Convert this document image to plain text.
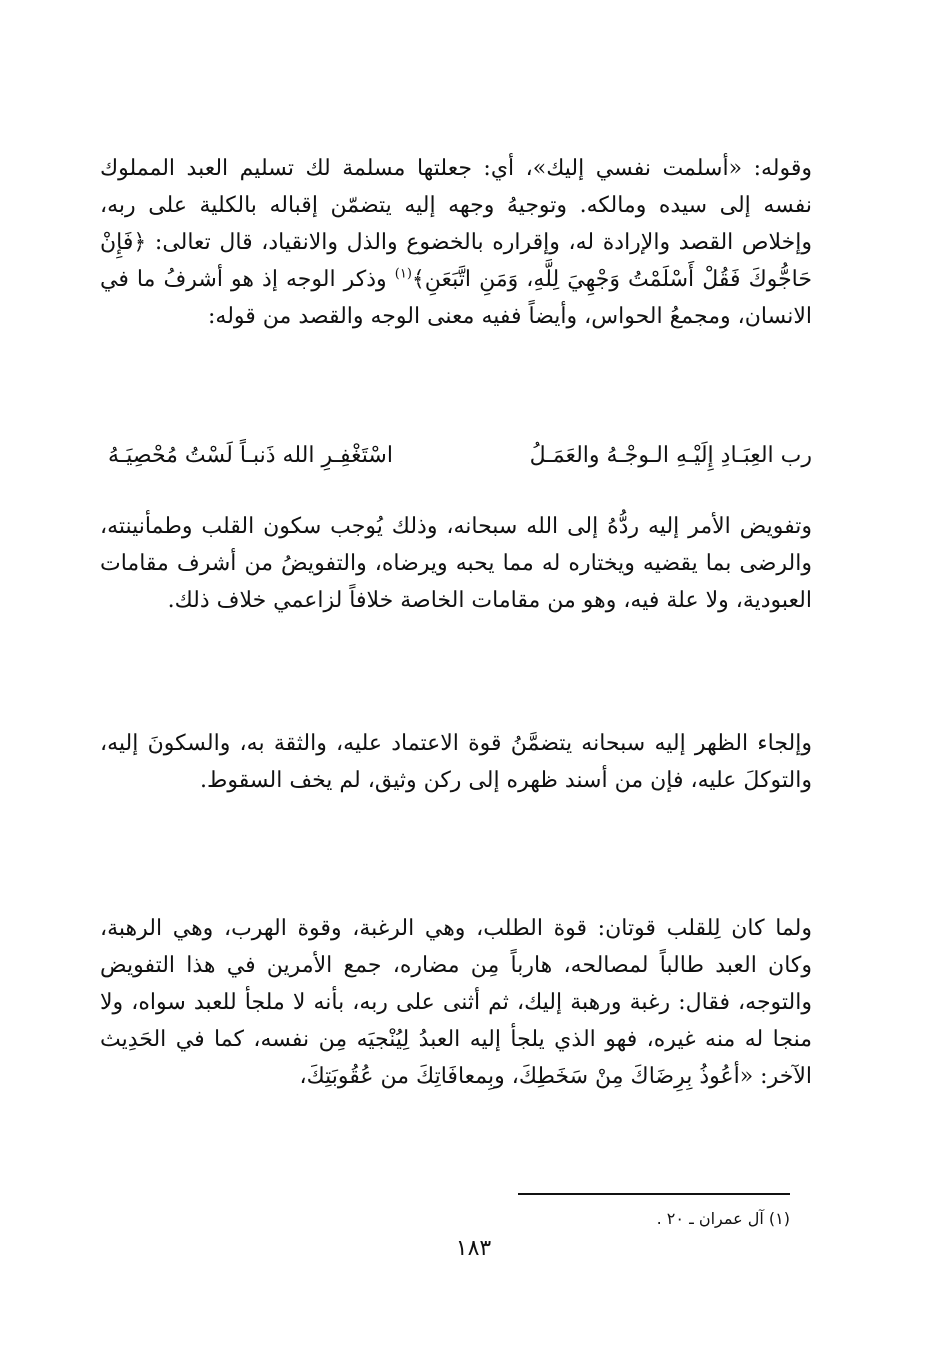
وقوله: «أسلمت نفسي إليك»، أي: جعلتها مسلمة لك تسليم العبد المملوك نفسه إلى سيده ومالكه. وتوجيهُ وجهه إليه يتضمّن إقباله بالكلية على ربه، وإخلاص القصد والإرادة له، وإقراره بالخضوع والذل والانقياد، قال تعالى: ﴿فَإِنْ حَاجُّوكَ فَقُلْ أَسْلَمْتُ وَجْهِيَ لِلَّهِ، وَمَنِ اتَّبَعَنِ﴾$^{(١)}$ وذكر الوجه إذ هو أشرفُ ما في الانسان، ومجمعُ الحواس، وأيضاً ففيه معنى الوجه والقصد من قوله:

رب العِبَـادِ إِلَيْـهِ الـوجْـهُ والعَمَـلُ
اسْتَغْفِـرِ الله ذَنبـاً لَسْتُ مُحْصِيَـهُ

وتفويض الأمر إليه ردُّهُ إلى الله سبحانه، وذلك يُوجب سكون القلب وطمأنينته، والرضى بما يقضيه ويختاره له مما يحبه ويرضاه، والتفويضُ من أشرف مقامات العبودية، ولا علة فيه، وهو من مقامات الخاصة خلافاً لزاعمي خلاف ذلك.

وإلجاء الظهر إليه سبحانه يتضمَّنُ قوة الاعتماد عليه، والثقة به، والسكونَ إليه، والتوكلَ عليه، فإن من أسند ظهره إلى ركن وثيق، لم يخف السقوط.

ولما كان لِلقلب قوتان: قوة الطلب، وهي الرغبة، وقوة الهرب، وهي الرهبة، وكان العبد طالباً لمصالحه، هارباً مِن مضاره، جمع الأمرين في هذا التفويض والتوجه، فقال: رغبة ورهبة إليك، ثم أثنى على ربه، بأنه لا ملجأ للعبد سواه، ولا منجا له منه غيره، فهو الذي يلجأ إليه العبدُ لِيُنْجيَه مِن نفسه، كما في الحَدِيث الآخر: «أعُوذُ بِرِضَاكَ مِنْ سَخَطِكَ، وبِمعافَاتِكَ من عُقُوبَتِكَ،

(١) آل عمران ـ ٢٠ .
١٨٣
